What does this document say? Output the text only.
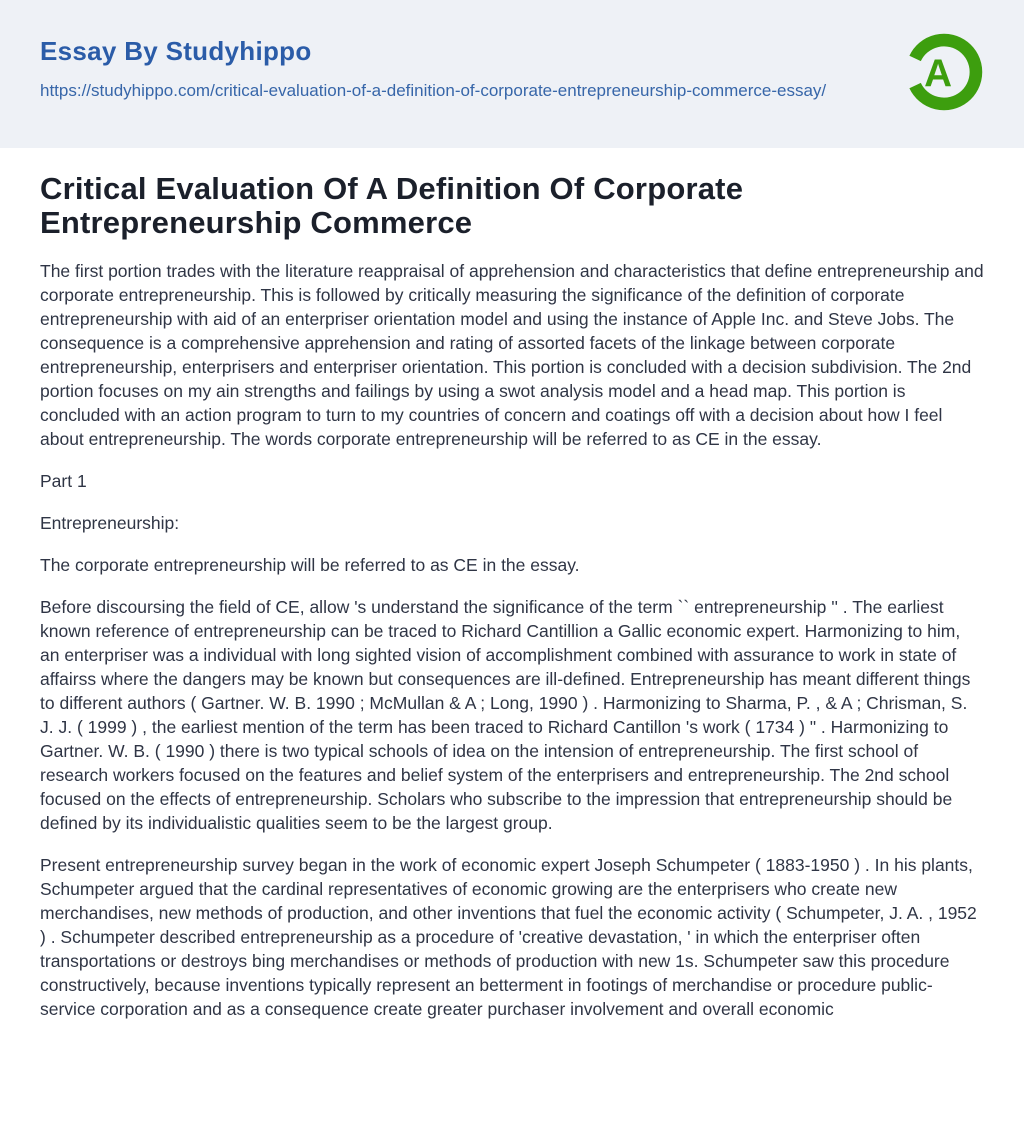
Essay By Studyhippo
https://studyhippo.com/critical-evaluation-of-a-definition-of-corporate-entrepreneurship-commerce-essay/ A
Critical Evaluation Of A Definition Of Corporate Entrepreneurship Commerce

The first portion trades with the literature reappraisal of apprehension and characteristics that define entrepreneurship and corporate entrepreneurship. This is followed by critically measuring the significance of the definition of corporate entrepreneurship with aid of an enterpriser orientation model and using the instance of Apple Inc. and Steve Jobs. The consequence is a comprehensive apprehension and rating of assorted facets of the linkage between corporate entrepreneurship, enterprisers and enterpriser orientation. This portion is concluded with a decision subdivision. The 2nd portion focuses on my ain strengths and failings by using a swot analysis model and a head map. This portion is concluded with an action program to turn to my countries of concern and coatings off with a decision about how I feel about entrepreneurship. The words corporate entrepreneurship will be referred to as CE in the essay.

Part 1

Entrepreneurship:

The corporate entrepreneurship will be referred to as CE in the essay.

Before discoursing the field of CE, allow 's understand the significance of the term `` entrepreneurship '' . The earliest known reference of entrepreneurship can be traced to Richard Cantillion a Gallic economic expert. Harmonizing to him, an enterpriser was a individual with long sighted vision of accomplishment combined with assurance to work in state of affairss where the dangers may be known but consequences are ill-defined. Entrepreneurship has meant different things to different authors ( Gartner. W. B. 1990 ; McMullan & A ; Long, 1990 ) . Harmonizing to Sharma, P. , & A ; Chrisman, S. J. J. ( 1999 ) , the earliest mention of the term has been traced to Richard Cantillon 's work ( 1734 ) " . Harmonizing to Gartner. W. B. ( 1990 ) there is two typical schools of idea on the intension of entrepreneurship. The first school of research workers focused on the features and belief system of the enterprisers and entrepreneurship. The 2nd school focused on the effects of entrepreneurship. Scholars who subscribe to the impression that entrepreneurship should be defined by its individualistic qualities seem to be the largest group.

Present entrepreneurship survey began in the work of economic expert Joseph Schumpeter ( 1883-1950 ) . In his plants, Schumpeter argued that the cardinal representatives of economic growing are the enterprisers who create new merchandises, new methods of production, and other inventions that fuel the economic activity ( Schumpeter, J. A. , 1952 ) . Schumpeter described entrepreneurship as a procedure of 'creative devastation, ' in which the enterpriser often transportations or destroys bing merchandises or methods of production with new 1s. Schumpeter saw this procedure constructively, because inventions typically represent an betterment in footings of merchandise or procedure public-service corporation and as a consequence create greater purchaser involvement and overall economic
